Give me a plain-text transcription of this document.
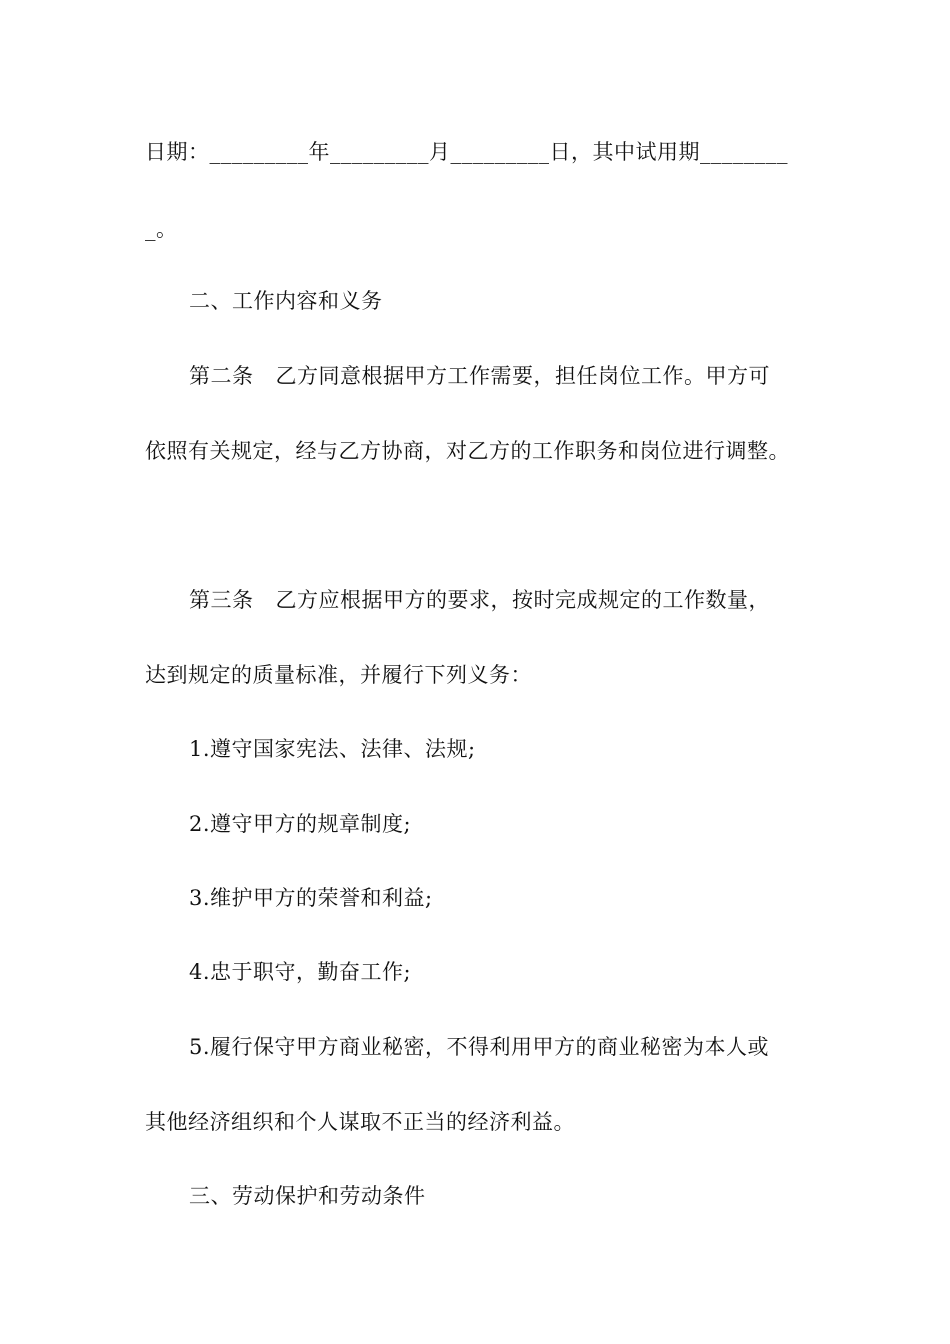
日期：_________年_________月_________日，其中试用期________
_。
二、工作内容和义务
第二条 乙方同意根据甲方工作需要，担任岗位工作。甲方可
依照有关规定，经与乙方协商，对乙方的工作职务和岗位进行调整。
第三条 乙方应根据甲方的要求，按时完成规定的工作数量，
达到规定的质量标准，并履行下列义务：
1.遵守国家宪法、法律、法规;
2.遵守甲方的规章制度;
3.维护甲方的荣誉和利益;
4.忠于职守，勤奋工作;
5.履行保守甲方商业秘密，不得利用甲方的商业秘密为本人或
其他经济组织和个人谋取不正当的经济利益。
三、劳动保护和劳动条件
